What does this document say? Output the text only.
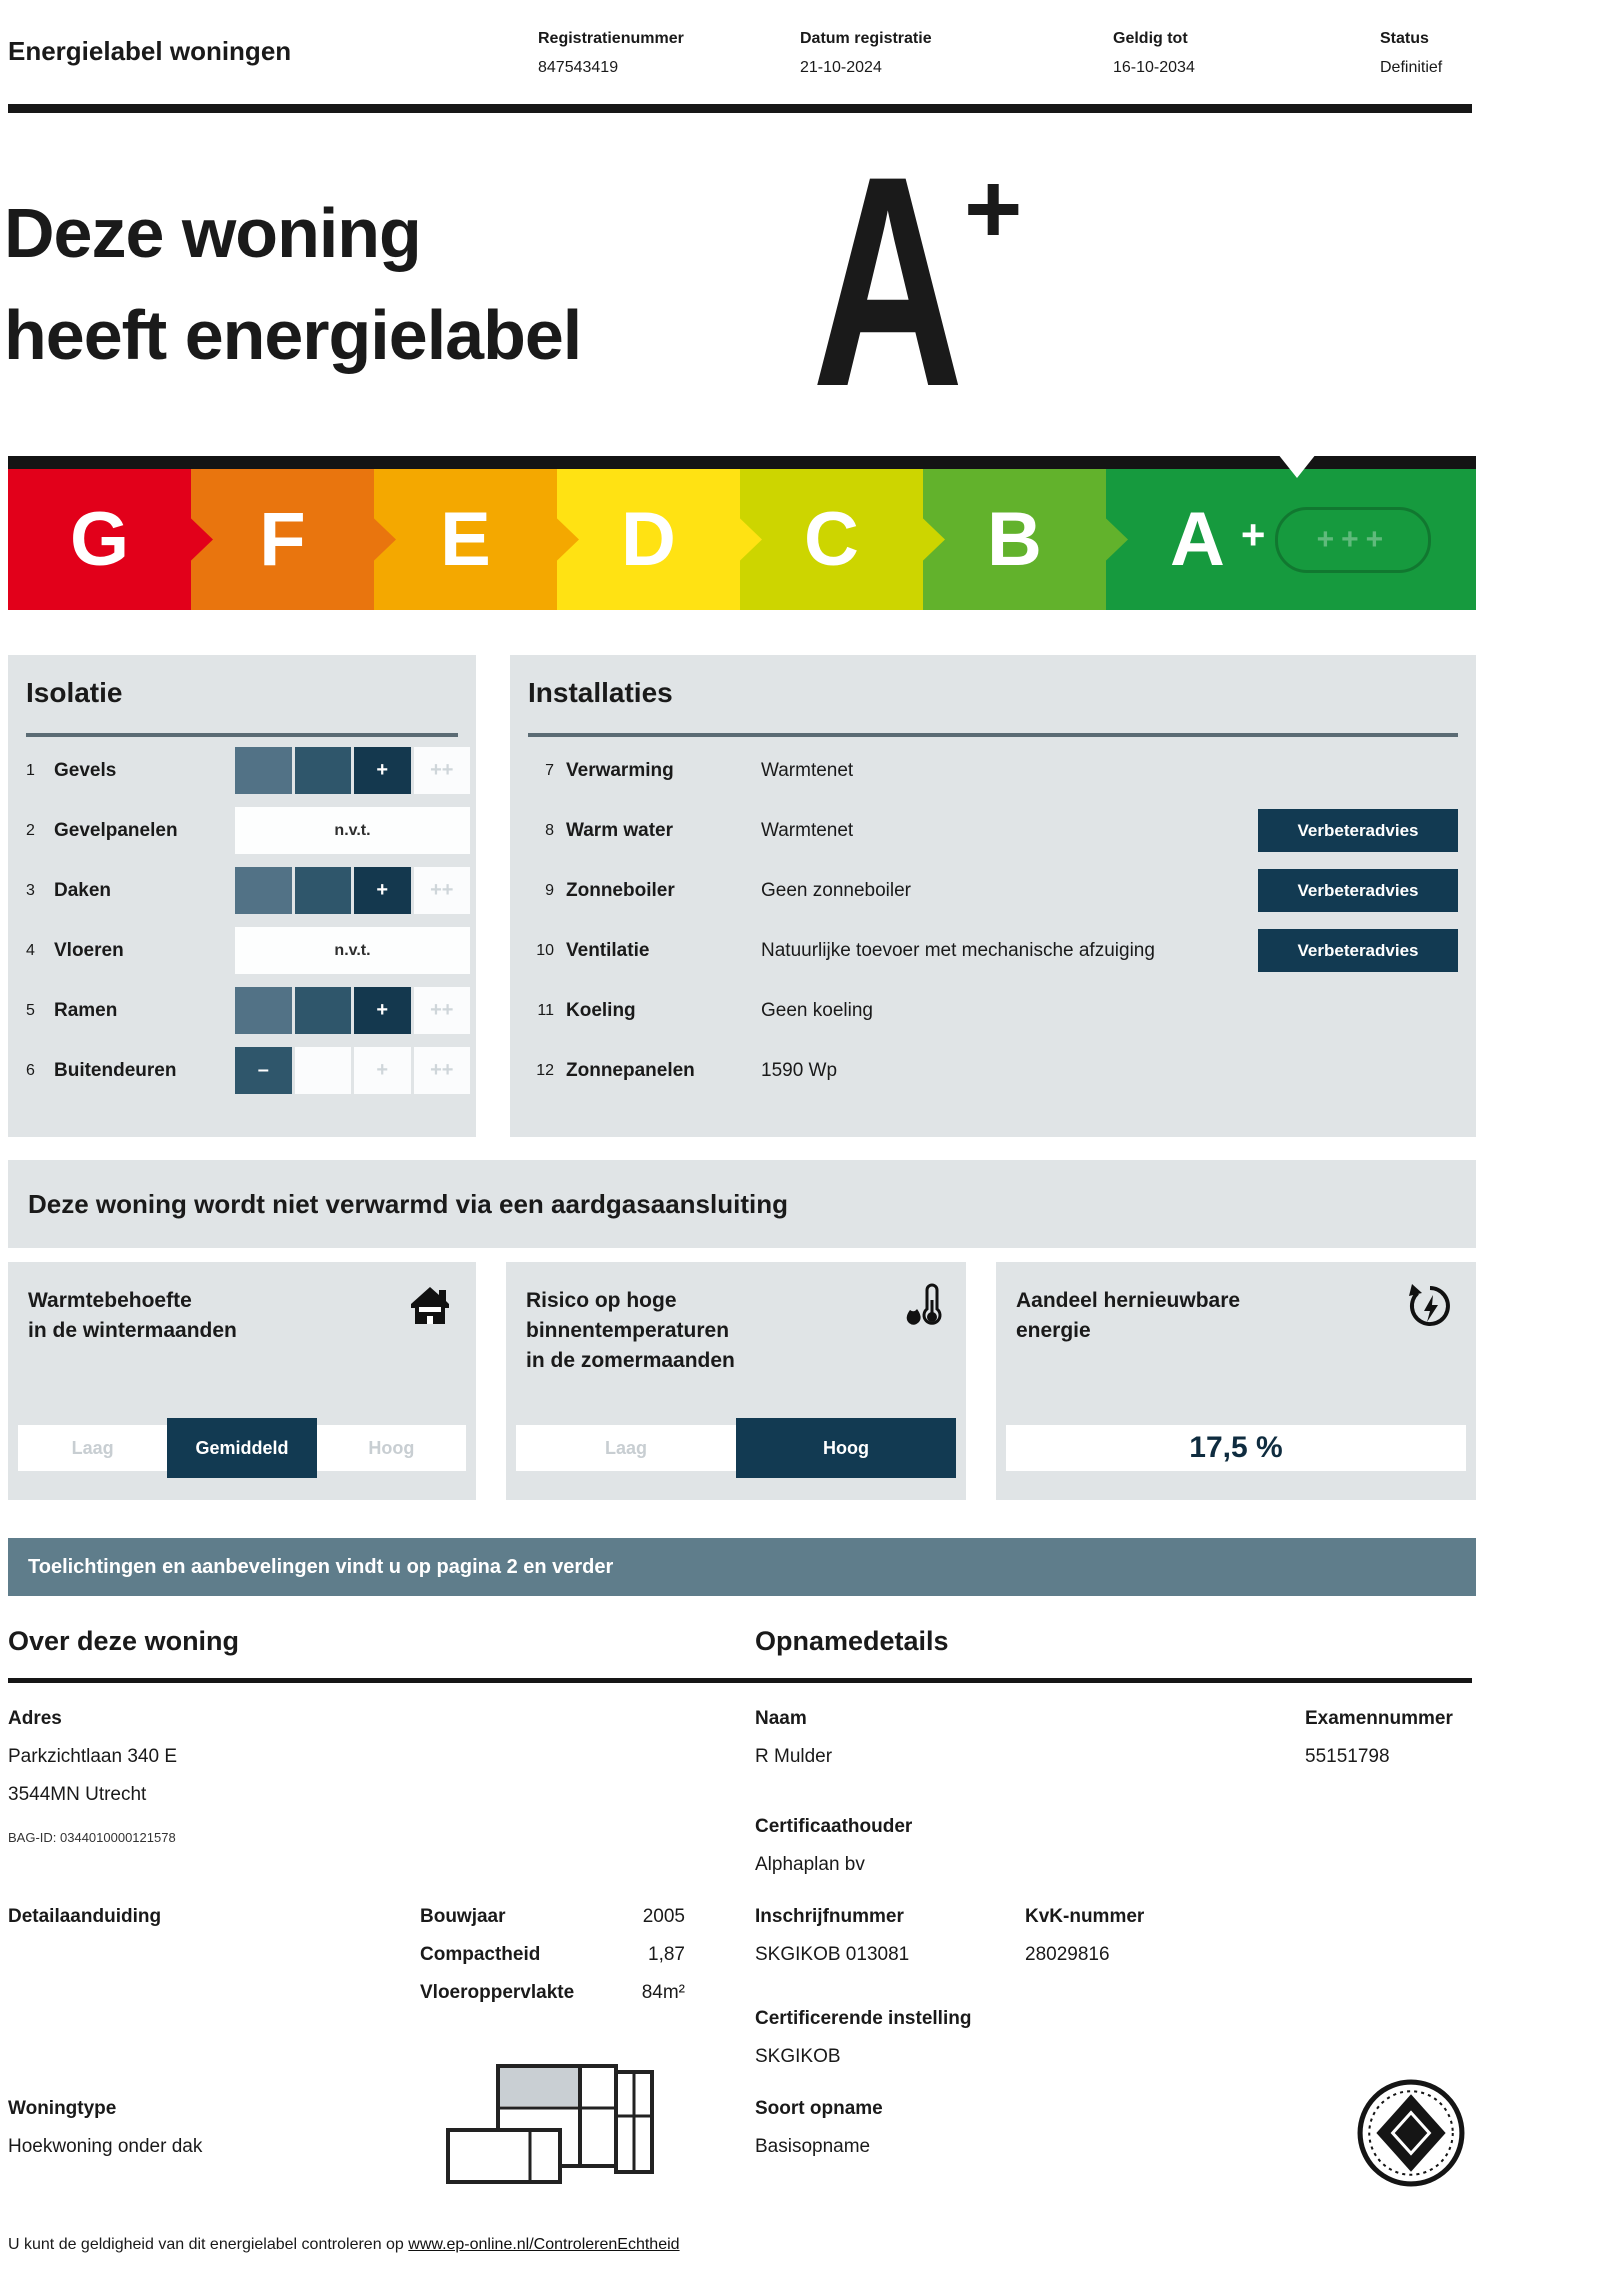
Energielabel woningen	Registratienummer
847543419
Datum registratie
21-10-2024
Geldig tot
16-10-2034
Status
Definitief
Deze woning
heeft energielabel A +
G F E D C B A +	+++
Isolatie
1	Gevels	+ ++
2	Gevelpanelen	n.v.t.
3	Daken	+ ++
4	Vloeren	n.v.t.
5	Ramen	+ ++
6	Buitendeuren	–	+ ++
Installaties
7 Verwarming	Warmtenet
8 Warm water	Warmtenet	Verbeteradvies
9 Zonneboiler	Geen zonneboiler	Verbeteradvies
10 Ventilatie	Natuurlijke toevoer met mechanische afzuiging	Verbeteradvies
11 Koeling	Geen koeling
12 Zonnepanelen	1590 Wp
Deze woning wordt niet verwarmd via een aardgasaansluiting
Warmtebehoefte
in de wintermaanden
Laag	Gemiddeld	Hoog
Risico op hoge
binnentemperaturen
in de zomermaanden
Laag	Hoog
Aandeel hernieuwbare
energie
17,5 %
Toelichtingen en aanbevelingen vindt u op pagina 2 en verder
Over deze woning	Opnamedetails
Adres
Parkzichtlaan 340 E
3544MN Utrecht
BAG-ID: 0344010000121578
Detailaanduiding	Bouwjaar	2005
Compactheid	1,87
Vloeroppervlakte	84m²
Woningtype
Hoekwoning onder dak
Naam
R Mulder
Examennummer
55151798
Certificaathouder
Alphaplan bv
Inschrijfnummer
SKGIKOB 013081
KvK-nummer
28029816
Certificerende instelling
SKGIKOB
Soort opname
Basisopname
U kunt de geldigheid van dit energielabel controleren op www.ep-online.nl/ControlerenEchtheid
